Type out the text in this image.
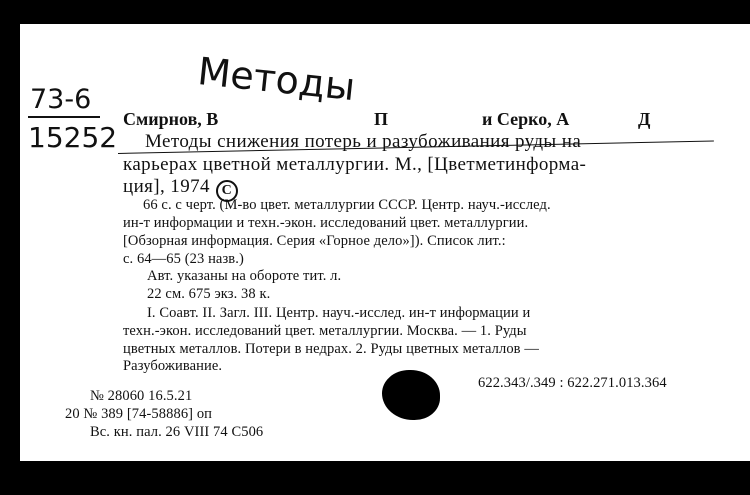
Методы
73-6
15252
Смирнов, В	П	и Серко, А	Д
Методы снижения потерь и разубоживания руды на
карьерах цветной металлургии. М., [Цветметинформа-
ция], 1974 C
66 с. с черт. (М-во цвет. металлургии СССР. Центр. науч.-исслед.
ин-т информации и техн.-экон. исследований цвет. металлургии.
[Обзорная информация. Серия «Горное дело»]). Список лит.:
с. 64—65 (23 назв.)
Авт. указаны на обороте тит. л.
22 см. 675 экз. 38 к.
I. Соавт. II. Загл. III. Центр. науч.-исслед. ин-т информации и
техн.-экон. исследований цвет. металлургии. Москва. — 1. Руды
цветных металлов. Потери в недрах. 2. Руды цветных металлов —
Разубоживание.
622.343/.349 : 622.271.013.364
№ 28060 16.5.21
20 № 389 [74-58886] оп
Вс. кн. пал. 26 VIII 74 С506
